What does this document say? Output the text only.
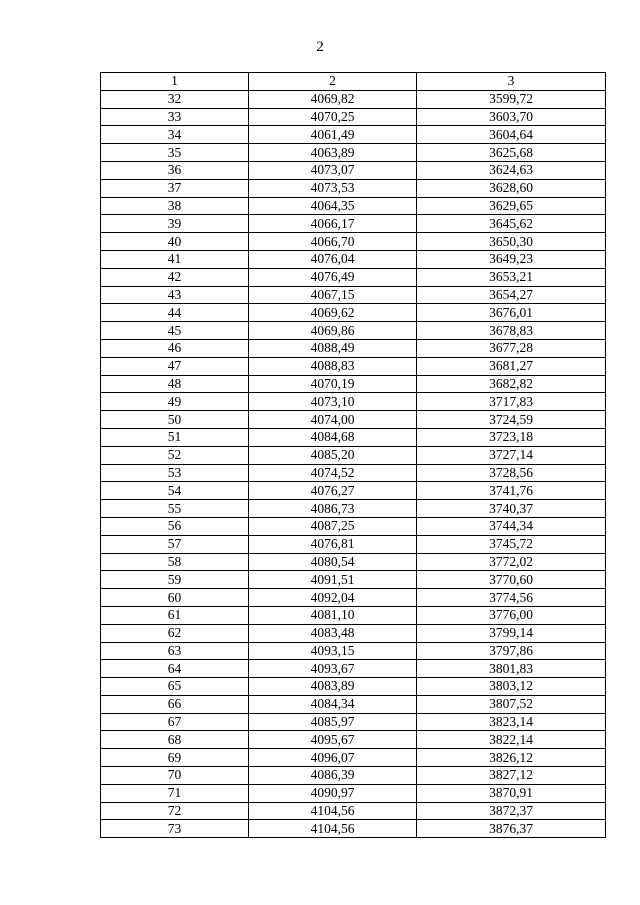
2
1	2	3
32	4069,82	3599,72
33	4070,25	3603,70
34	4061,49	3604,64
35	4063,89	3625,68
36	4073,07	3624,63
37	4073,53	3628,60
38	4064,35	3629,65
39	4066,17	3645,62
40	4066,70	3650,30
41	4076,04	3649,23
42	4076,49	3653,21
43	4067,15	3654,27
44	4069,62	3676,01
45	4069,86	3678,83
46	4088,49	3677,28
47	4088,83	3681,27
48	4070,19	3682,82
49	4073,10	3717,83
50	4074,00	3724,59
51	4084,68	3723,18
52	4085,20	3727,14
53	4074,52	3728,56
54	4076,27	3741,76
55	4086,73	3740,37
56	4087,25	3744,34
57	4076,81	3745,72
58	4080,54	3772,02
59	4091,51	3770,60
60	4092,04	3774,56
61	4081,10	3776,00
62	4083,48	3799,14
63	4093,15	3797,86
64	4093,67	3801,83
65	4083,89	3803,12
66	4084,34	3807,52
67	4085,97	3823,14
68	4095,67	3822,14
69	4096,07	3826,12
70	4086,39	3827,12
71	4090,97	3870,91
72	4104,56	3872,37
73	4104,56	3876,37
